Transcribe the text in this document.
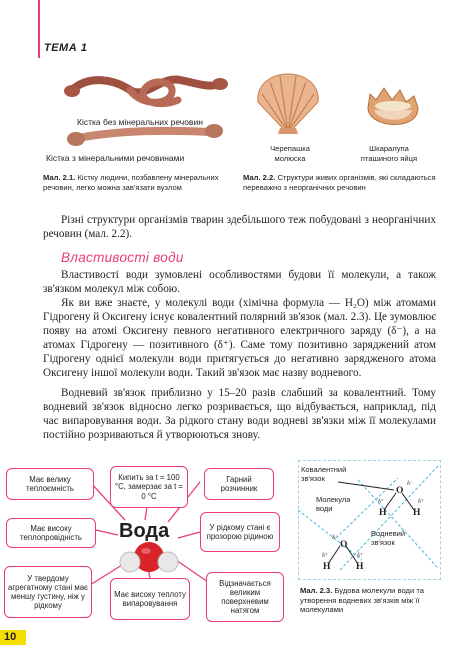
ТЕМА 1
Кістка без мінеральних речовин
Кістка з мінеральними речовинами
Мал. 2.1. Кістку людини, позбавлену мінеральних речовин, легко можна зав'язати вузлом
Черепашка молюска
Шкаралупа пташиного яйця
Мал. 2.2. Структури живих організмів, які складаються переважно з неорганічних речовин
Різні структури організмів тварин здебільшого теж побудовані з неорганічних речовин (мал. 2.2).
Властивості води
Властивості води зумовлені особливостями будови її молекули, а також зв'язком молекул між собою.
Як ви вже знаєте, у молекулі води (хімічна формула — H₂O) між атомами Гідрогену й Оксигену існує ковалентний полярний зв'язок (мал. 2.3). Це зумовлює появу на атомі Оксигену певного негативного електричного заряду (δ⁻), а на атомах Гідрогену — позитивного (δ⁺). Саме тому позитивно заряджений атом Гідрогену однієї молекули води притягується до негативно зарядженого атома Оксигену іншої молекули води. Такий зв'язок має назву водневого.
Водневий зв'язок приблизно у 15–20 разів слабший за ковалентний. Тому водневий зв'язок відносно легко розривається, що відбувається, наприклад, під час випаровування води. За рідкого стану води водневі зв'язки між її молекулами постійно розриваються й утворюються знову.
Має велику теплоємність
Кипить за t = 100 °С, замерзає за t = 0 °С
Гарний розчинник
Має високу теплопровідність
У рідкому стані є прозорою рідиною
У твердому агрегатному стані має меншу густину, ніж у рідкому
Має високу теплоту випаровування
Відзначається великим поверхневим натягом
Вода
Ковалентний зв'язок
Молекула води
Водневий зв'язок
O
δ⁻
H
δ⁺
H
δ⁺
O
δ⁻
H
δ⁺
H
δ⁺
Мал. 2.3. Будова молекули води та утворення водневих зв'язків між її молекулами
10
